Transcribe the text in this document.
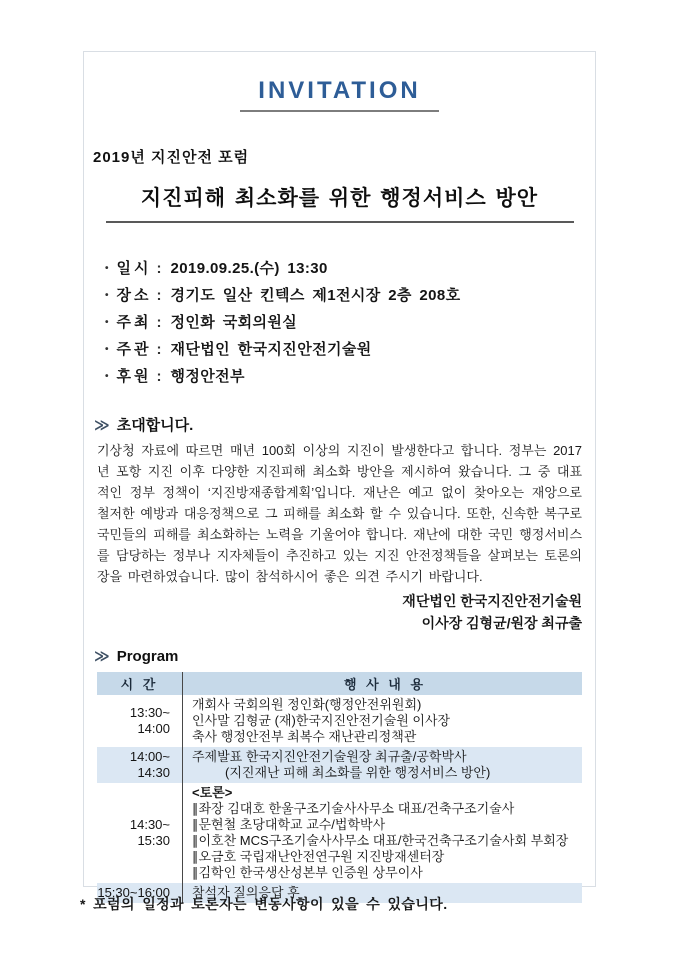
INVITATION
2019년 지진안전 포럼
지진피해 최소화를 위한 행정서비스 방안
• 일시 : 2019.09.25.(수) 13:30
• 장소 : 경기도 일산 킨텍스 제1전시장 2층 208호
• 주최 : 정인화 국회의원실
• 주관 : 재단법인 한국지진안전기술원
• 후원 : 행정안전부
≫ 초대합니다.

기상청 자료에 따르면 매년 100회 이상의 지진이 발생한다고 합니다. 정부는 2017년 포항 지진 이후 다양한 지진피해 최소화 방안을 제시하여 왔습니다. 그 중 대표적인 정부 정책이 ‘지진방재종합계획’입니다. 재난은 예고 없이 찾아오는 재앙으로 철저한 예방과 대응정책으로 그 피해를 최소화 할 수 있습니다. 또한, 신속한 복구로 국민들의 피해를 최소화하는 노력을 기울어야 합니다. 재난에 대한 국민 행정서비스를 담당하는 정부나 지자체들이 추진하고 있는 지진 안전정책들을 살펴보는 토론의 장을 마련하였습니다. 많이 참석하시어 좋은 의견 주시기 바랍니다.

재단법인 한국지진안전기술원
이사장 김형균/원장 최규출
≫ Program
시 간	행 사 내 용
13:30~
14:00
개회사 국회의원 정인화(행정안전위원회)
인사말 김형균 (재)한국지진안전기술원 이사장
축사 행정안전부 최복수 재난관리정책관
14:00~
14:30
주제발표 한국지진안전기술원장 최규출/공학박사
(지진재난 피해 최소화를 위한 행정서비스 방안)
14:30~
15:30
<토론>
∥좌장 김대호 한울구조기술사사무소 대표/건축구조기술사
∥문현철 초당대학교 교수/법학박사
∥이호찬 MCS구조기술사사무소 대표/한국건축구조기술사회 부회장
∥오금호 국립재난안전연구원 지진방재센터장
∥김학인 한국생산성본부 인증원 상무이사
15:30~16:00 참석자 질의응답 후
* 포럼의 일정과 토론자는 변동사항이 있을 수 있습니다.
